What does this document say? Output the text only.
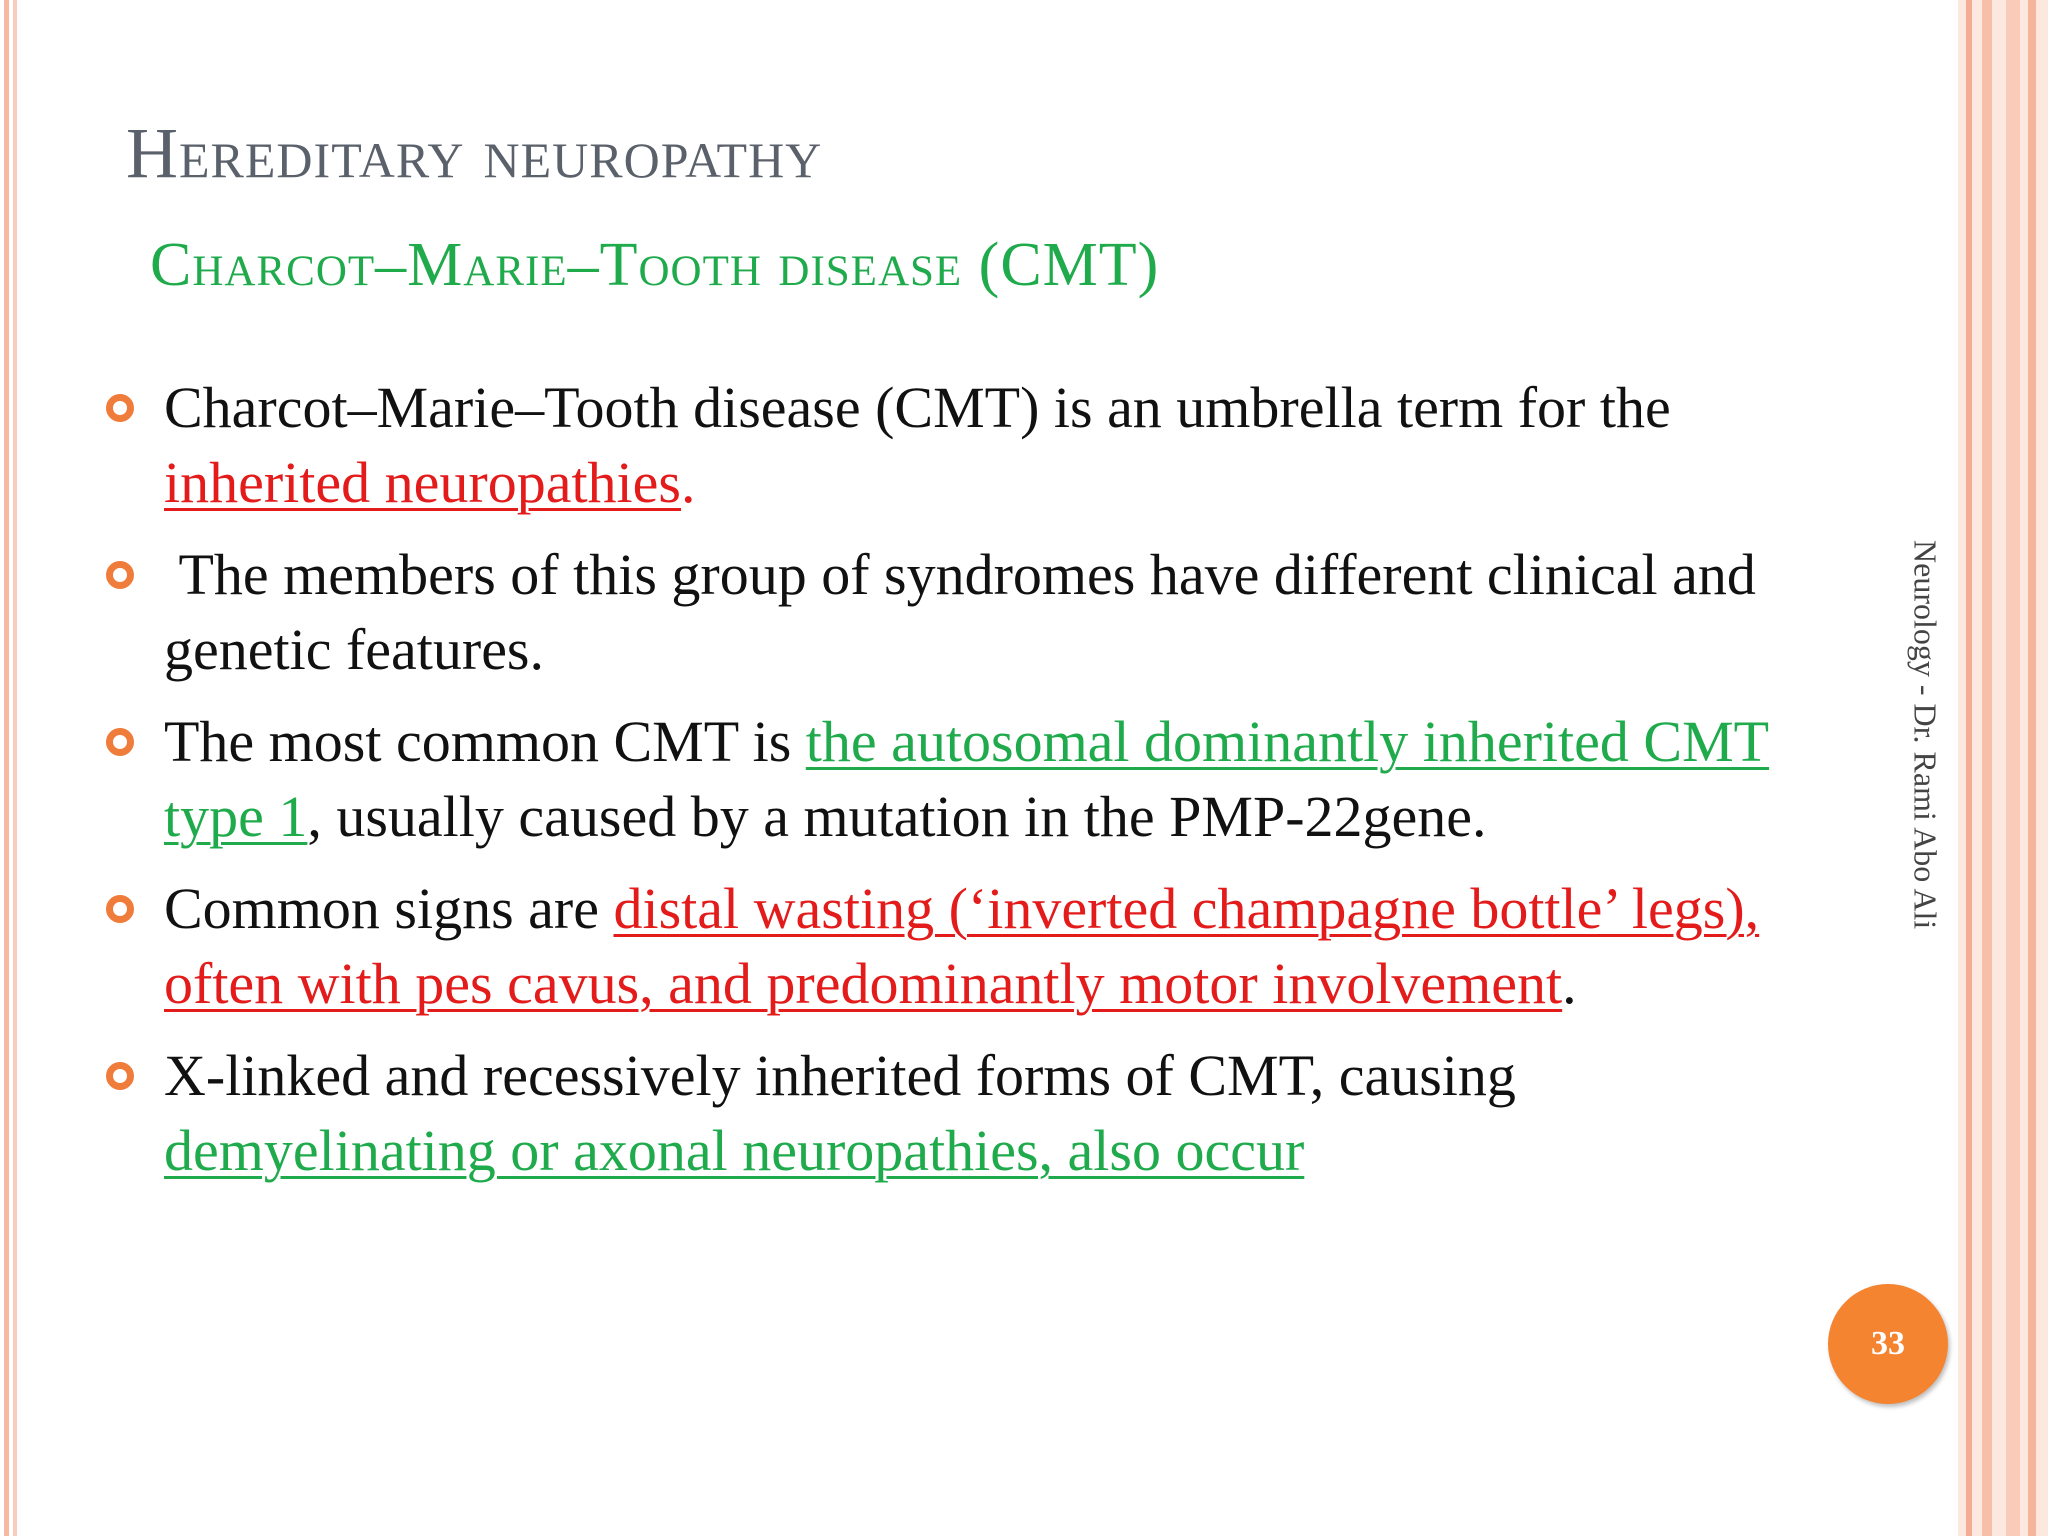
Hereditary neuropathy
Charcot–Marie–Tooth disease (CMT)
Charcot–Marie–Tooth disease (CMT) is an umbrella term for the inherited neuropathies.
The members of this group of syndromes have different clinical and genetic features.
The most common CMT is the autosomal dominantly inherited CMT type 1, usually caused by a mutation in the PMP-22gene.
Common signs are distal wasting (‘inverted champagne bottle’ legs), often with pes cavus, and predominantly motor involvement.
X-linked and recessively inherited forms of CMT, causing demyelinating or axonal neuropathies, also occur
Neurology - Dr. Rami Abo Ali
33
